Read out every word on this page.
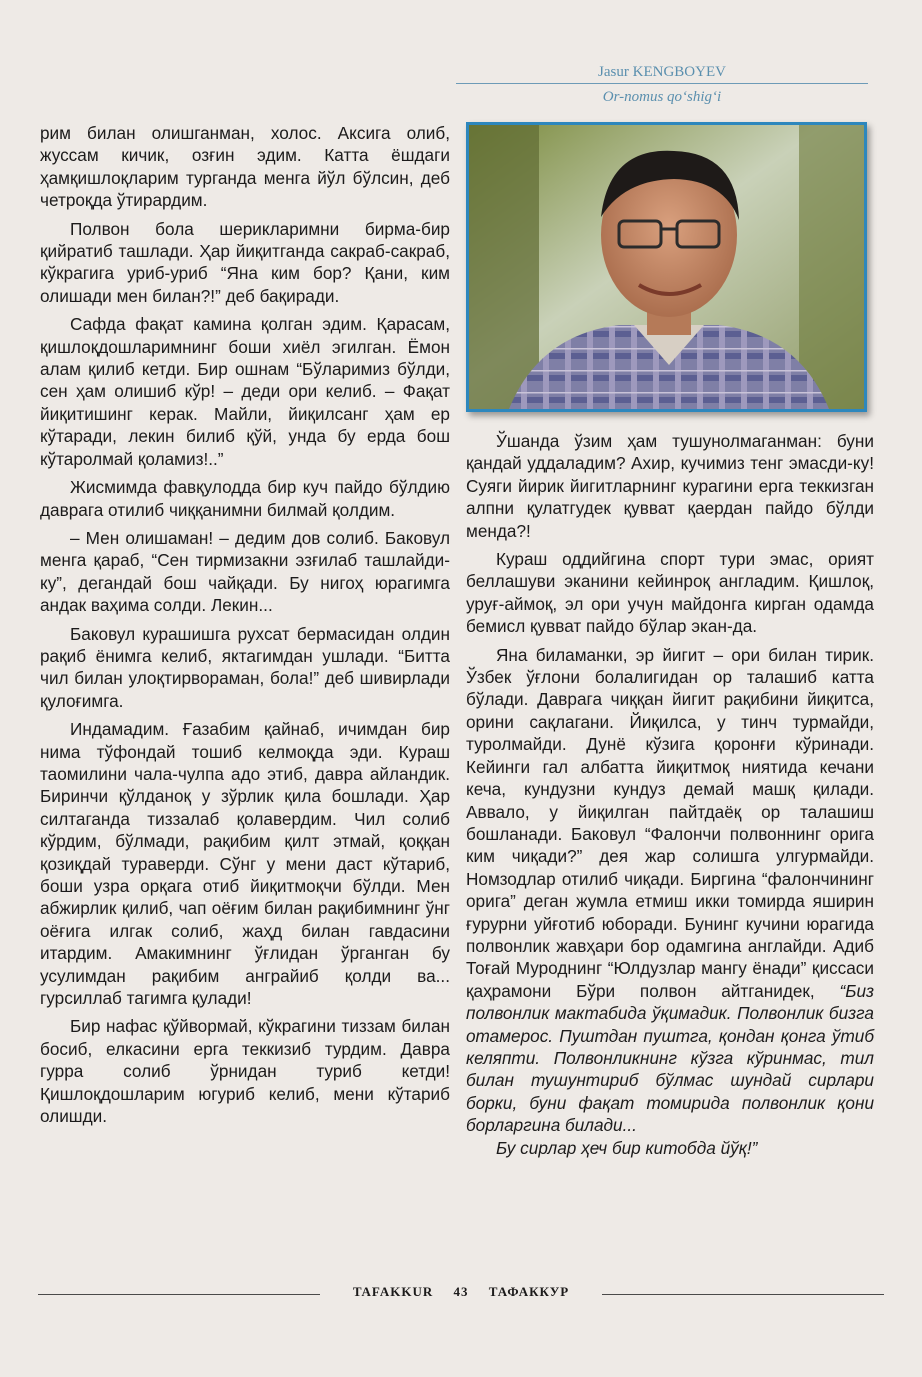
Jasur KENGBOYEV
Or-nomus qo‘shig‘i

рим билан олишганман, холос. Аксига олиб, жуссам кичик, озғин эдим. Катта ёшдаги ҳамқишлоқларим турганда менга йўл бўлсин, деб четроқда ўтирардим.

Полвон бола шерикларимни бирма-бир қийратиб ташлади. Ҳар йиқитганда сакраб-сакраб, кўкрагига уриб-уриб “Яна ким бор? Қани, ким олишади мен билан?!” деб бақиради.

Сафда фақат камина қолган эдим. Қарасам, қишлоқдошларимнинг боши хиёл эгилган. Ёмон алам қилиб кетди. Бир ошнам “Бўларимиз бўлди, сен ҳам олишиб кўр! – деди ори келиб. – Фақат йиқитишинг керак. Майли, йиқилсанг ҳам ер кўтаради, лекин билиб қўй, унда бу ерда бош кўтаролмай қоламиз!..”

Жисмимда фавқулодда бир куч пайдо бўлдию даврага отилиб чиққанимни билмай қолдим.

– Мен олишаман! – дедим дов солиб. Баковул менга қараб, “Сен тирмизакни эзғилаб ташлайди-ку”, дегандай бош чайқади. Бу нигоҳ юрагимга андак ваҳима солди. Лекин...

Баковул курашишга рухсат бермасидан олдин рақиб ёнимга келиб, яктагимдан ушлади. “Битта чил билан улоқтирвораман, бола!” деб шивирлади қулоғимга.

Индамадим. Ғазабим қайнаб, ичимдан бир нима тўфондай тошиб келмоқда эди. Кураш таомилини чала-чулпа адо этиб, давра айландик. Биринчи қўлданоқ у зўрлик қила бошлади. Ҳар силтаганда тиззалаб қолавердим. Чил солиб кўрдим, бўлмади, рақибим қилт этмай, қоққан қозиқдай тураверди. Сўнг у мени даст кўтариб, боши узра орқага отиб йиқитмоқчи бўлди. Мен абжирлик қилиб, чап оёғим билан рақибимнинг ўнг оёғига илгак солиб, жаҳд билан гавдасини итардим. Амакимнинг ўғлидан ўрганган бу усулимдан рақибим анграйиб қолди ва... гурсиллаб тагимга қулади!

Бир нафас қўйвормай, кўкрагини тиззам билан босиб, елкасини ерга теккизиб турдим. Давра гурра солиб ўрнидан туриб кетди! Қишлоқдошларим югуриб келиб, мени кўтариб олишди.

Ўшанда ўзим ҳам тушунолмаганман: буни қандай уддаладим? Ахир, кучимиз тенг эмасди-ку! Суяги йирик йигитларнинг курагини ерга теккизган алпни қулатгудек қувват қаердан пайдо бўлди менда?!

Кураш оддийгина спорт тури эмас, орият беллашуви эканини кейинроқ англадим. Қишлоқ, уруғ-аймоқ, эл ори учун майдонга кирган одамда бемисл қувват пайдо бўлар экан-да.

Яна биламанки, эр йигит – ори билан тирик. Ўзбек ўғлони болалигидан ор талашиб катта бўлади. Даврага чиққан йигит рақибини йиқитса, орини сақлагани. Йиқилса, у тинч турмайди, туролмайди. Дунё кўзига қоронғи кўринади. Кейинги гал албатта йиқитмоқ ниятида кечани кеча, кундузни кундуз демай машқ қилади. Аввало, у йиқилган пайтдаёқ ор талашиш бошланади. Баковул “Фалончи полвоннинг орига ким чиқади?” дея жар солишга улгурмайди. Номзодлар отилиб чиқади. Биргина “фалончининг орига” деган жумла етмиш икки томирда яширин ғурурни уйғотиб юборади. Бунинг кучини юрагида полвонлик жавҳари бор одамгина англайди. Адиб Тоғай Муроднинг “Юлдузлар мангу ёнади” қиссаси қаҳрамони Бўри полвон айтганидек, “Биз полвонлик мактабида ўқимадик. Полвонлик бизга отамерос. Пуштдан пуштга, қондан қонга ўтиб келяпти. Полвонликнинг кўзга кўринмас, тил билан тушунтириб бўлмас шундай сирлари борки, буни фақат томирида полвонлик қони борларгина билади...

Бу сирлар ҳеч бир китобда йўқ!”

TAFAKKUR 43 ТАФАККУР
